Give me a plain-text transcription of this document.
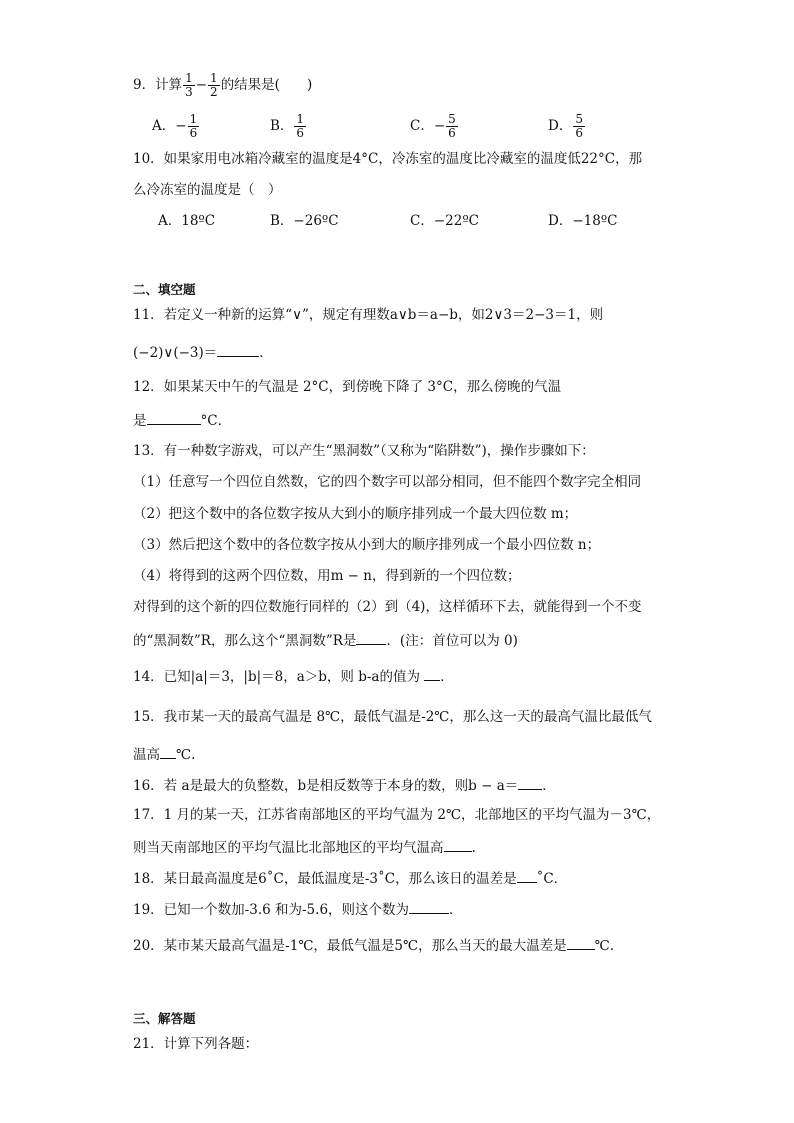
9．计算 $\frac{1}{3} - \frac{1}{2}$ 的结果是(　　)
A．− $\frac{1}{6}$	B． $\frac{1}{6}$	C．− $\frac{5}{6}$	D． $\frac{5}{6}$
10．如果家用电冰箱冷藏室的温度是4°C，冷冻室的温度比冷藏室的温度低22°C，那
么冷冻室的温度是（　）
A．18ºC	B．−26ºC	C．−22ºC	D．−18ºC
二、填空题
11．若定义一种新的运算“∨”，规定有理数a∨b＝a−b，如2∨3＝2−3＝1，则
(−2)∨(−3)＝	．
12．如果某天中午的气温是 2°C，到傍晚下降了 3°C，那么傍晚的气温
是	°C．
13．有一种数字游戏，可以产生“黑洞数”（又称为“陷阱数”)，操作步骤如下：
（1）任意写一个四位自然数，它的四个数字可以部分相同，但不能四个数字完全相同
（2）把这个数中的各位数字按从大到小的顺序排列成一个最大四位数 m；
（3）然后把这个数中的各位数字按从小到大的顺序排列成一个最小四位数 n；
（4）将得到的这两个四位数，用m − n，得到新的一个四位数；
对得到的这个新的四位数施行同样的（2）到（4)，这样循环下去，就能得到一个不变
的“黑洞数”R，那么这个“黑洞数”R是 ．(注：首位可以为 0)
14．已知|a|＝3，|b|＝8，a＞b，则 b-a的值为 ．
15．我市某一天的最高气温是 8℃，最低气温是-2℃，那么这一天的最高气温比最低气
温高 ℃.
16．若 a是最大的负整数，b是相反数等于本身的数，则b − a＝ ．
17．1 月的某一天，江苏省南部地区的平均气温为 2℃，北部地区的平均气温为－3℃，
则当天南部地区的平均气温比北部地区的平均气温高 .
18．某日最高温度是6˚C，最低温度是-3˚C，那么该日的温差是 ˚C．
19．已知一个数加-3.6 和为-5.6，则这个数为	．
20．某市某天最高气温是-1℃，最低气温是5℃，那么当天的最大温差是 ℃.
三、解答题
21．计算下列各题：
